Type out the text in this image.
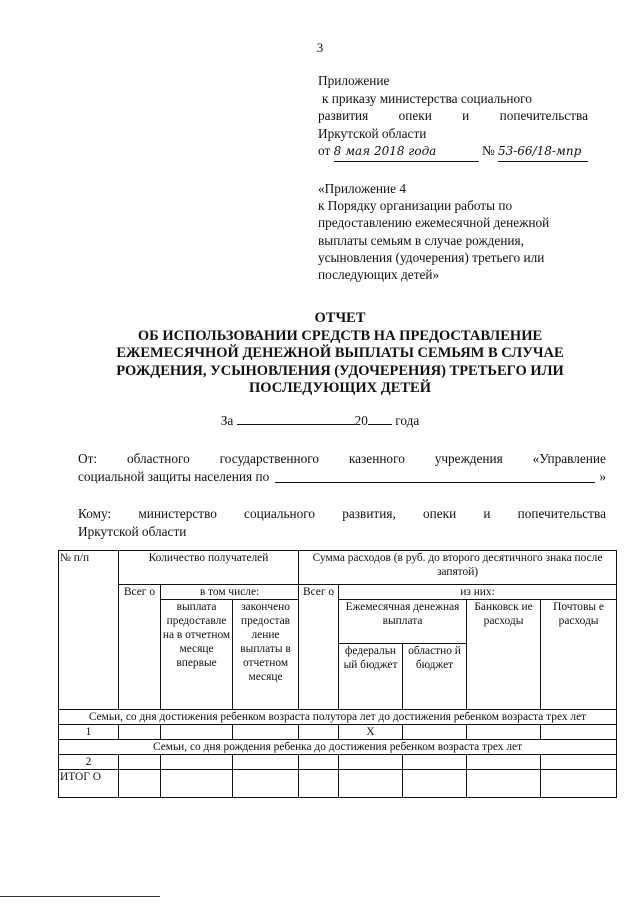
3
Приложение
к приказу министерства социального
развития опеки и попечительства
Иркутской области
от 8 мая 2018 года	№ 53-66/18-мпр
«Приложение 4
к Порядку организации работы по
предоставлению ежемесячной денежной
выплаты семьям в случае рождения,
усыновления (удочерения) третьего или
последующих детей»
ОТЧЕТ
ОБ ИСПОЛЬЗОВАНИИ СРЕДСТВ НА ПРЕДОСТАВЛЕНИЕ
ЕЖЕМЕСЯЧНОЙ ДЕНЕЖНОЙ ВЫПЛАТЫ СЕМЬЯМ В СЛУЧАЕ
РОЖДЕНИЯ, УСЫНОВЛЕНИЯ (УДОЧЕРЕНИЯ) ТРЕТЬЕГО ИЛИ
ПОСЛЕДУЮЩИХ ДЕТЕЙ
За	20 года
От: областного государственного казенного учреждения «Управление
социальной защиты населения по	»
Кому: министерство социального развития, опеки и попечительства
Иркутской области
№ п/п	Количество получателей			Сумма расходов (в руб. до второго десятичного знака после запятой)				
	Всег о	в том числе:		Всег о	из них:			
		выплата предоставле на в отчетном месяце впервые	закончено предостав ление выплаты в отчетном месяце		Ежемесячная денежная выплата		Банковск ие расходы	Почтовы е расходы
					федеральн ый бюджет	областно й бюджет		
Семьи, со дня достижения ребенком возраста полутора лет до достижения ребенком возраста трех лет								
1					Х			
Семьи, со дня рождения ребенка до достижения ребенком возраста трех лет								
2								
ИТОГ О								
